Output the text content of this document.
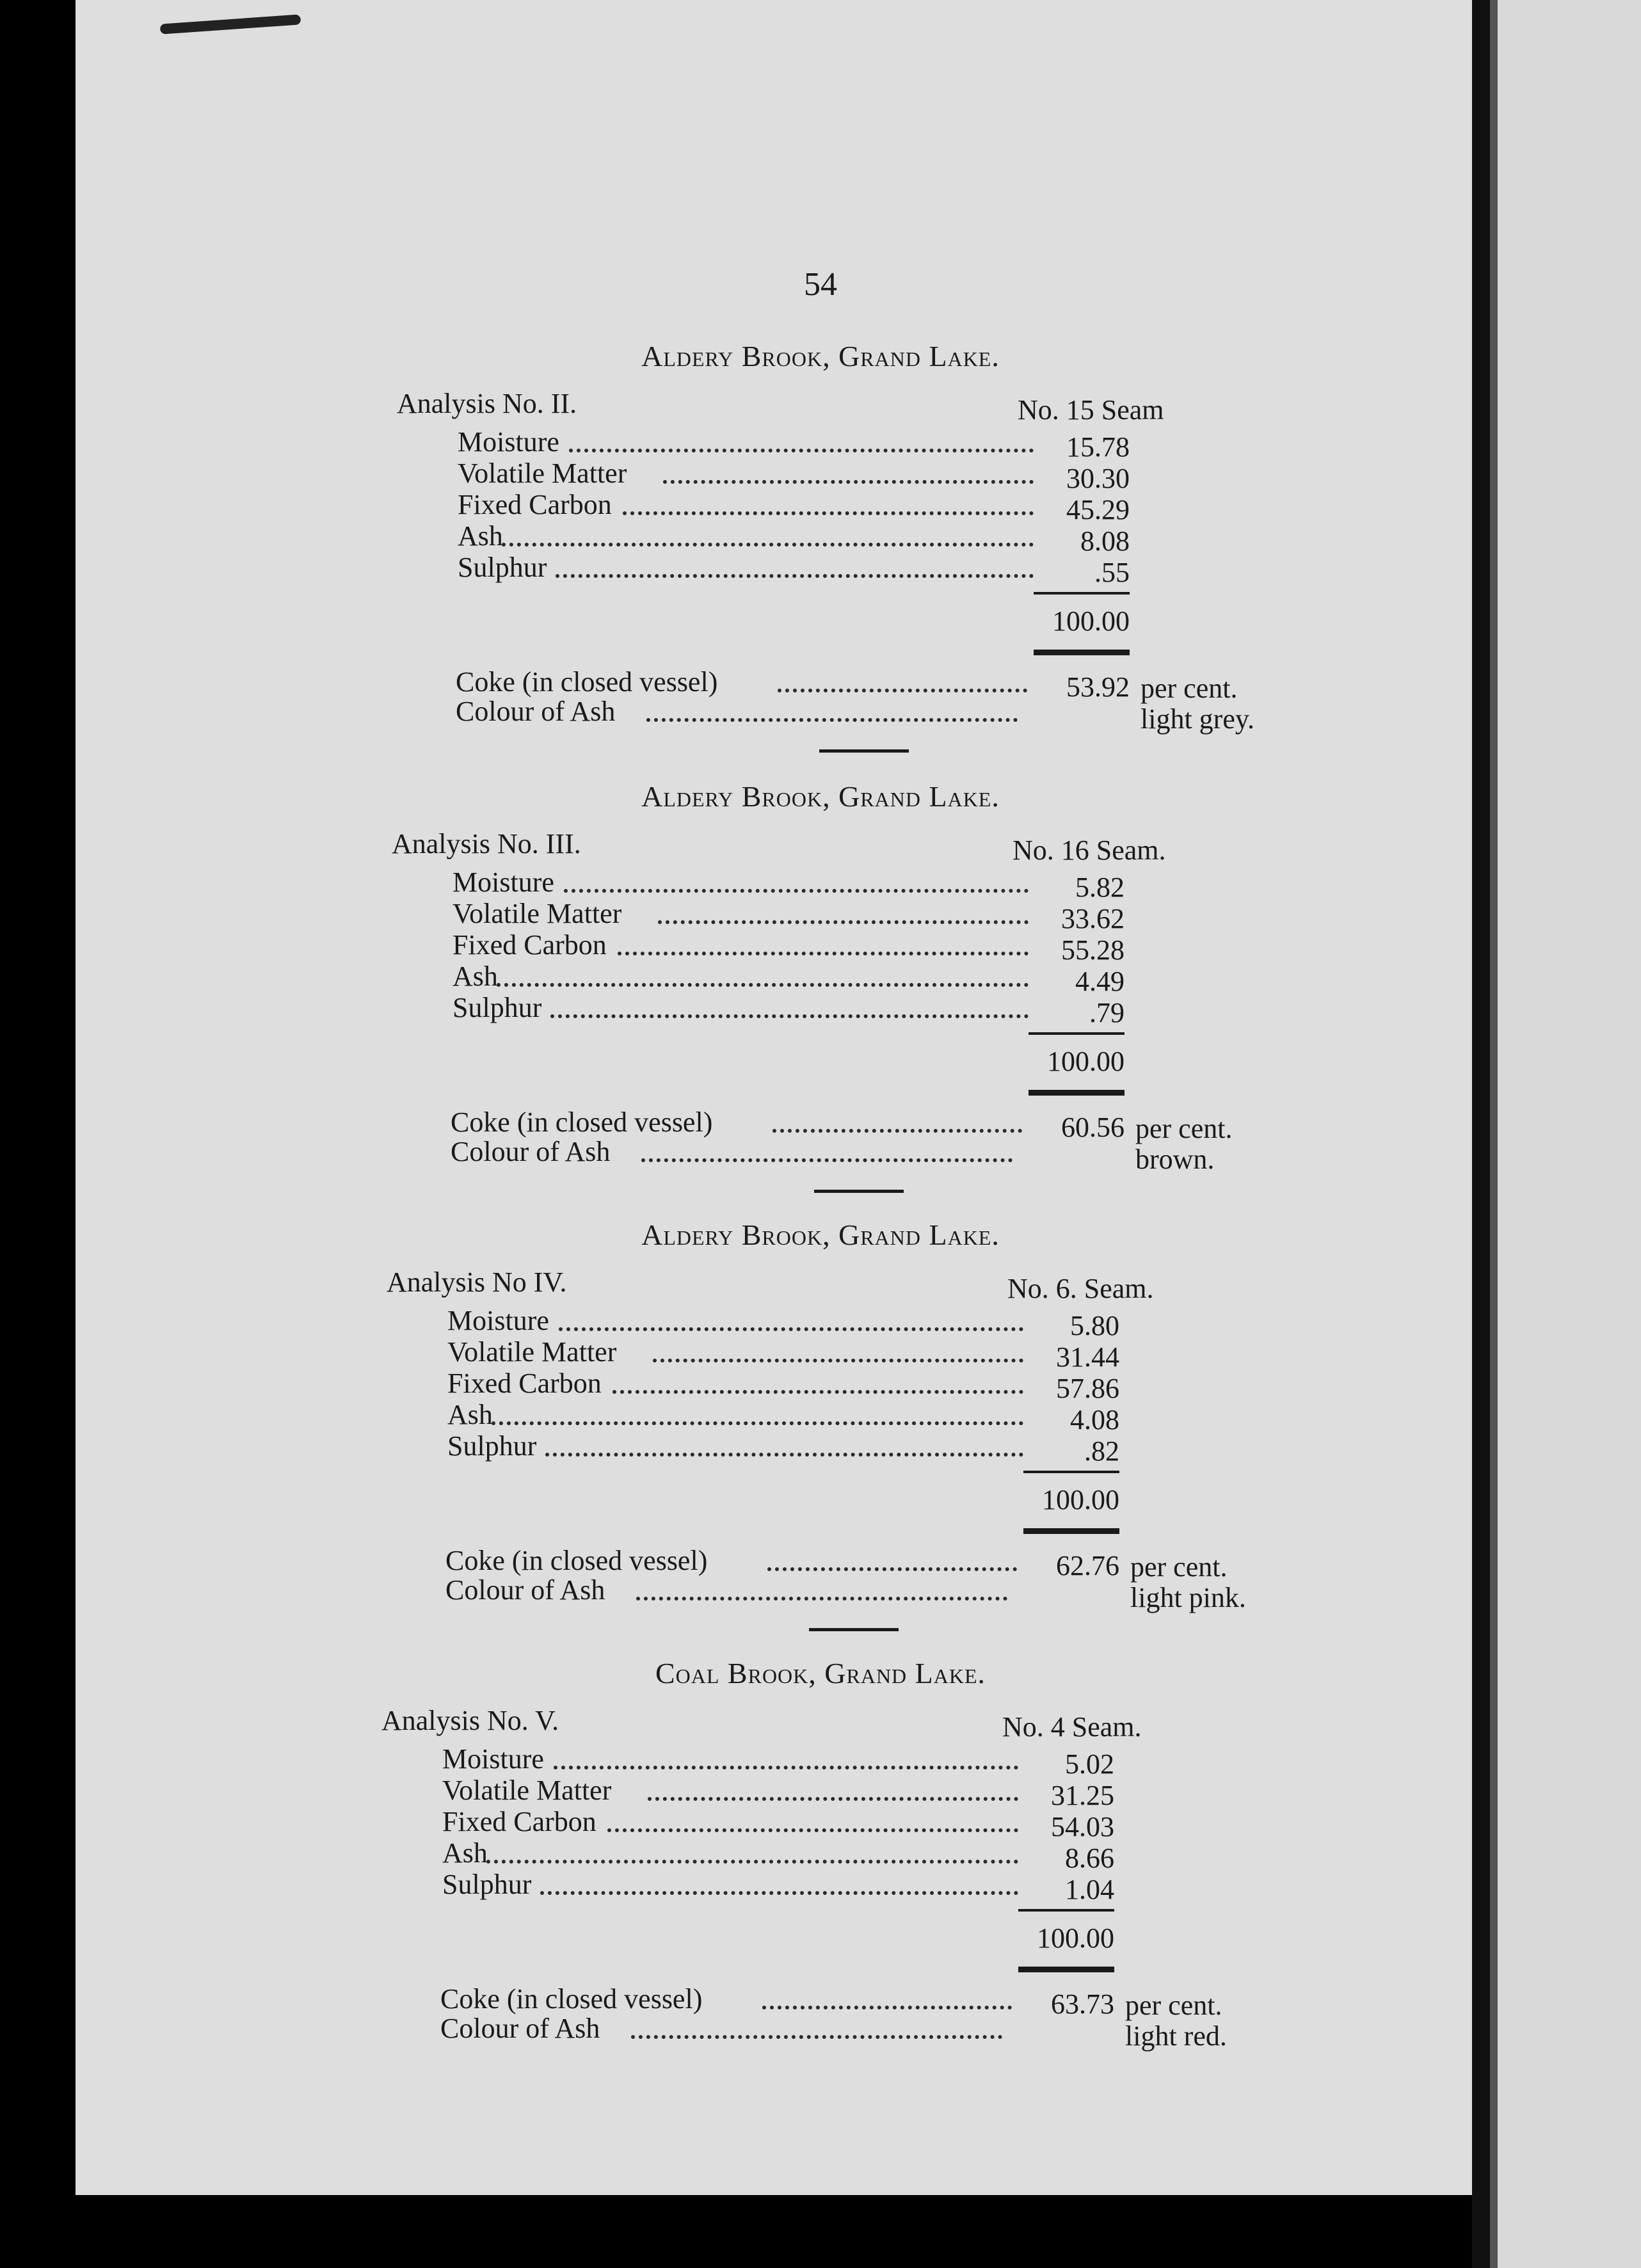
54
Aldery Brook, Grand Lake.
Analysis No. II.	No. 15 Seam
Moisture	15.78
Volatile Matter	30.30
Fixed Carbon	45.29
Ash	8.08
Sulphur	.55
100.00
Coke (in closed vessel)	53.92 per cent.
Colour of Ash	light grey.
Aldery Brook, Grand Lake.
Analysis No. III.	No. 16 Seam.
Moisture	5.82
Volatile Matter	33.62
Fixed Carbon	55.28
Ash	4.49
Sulphur	.79
100.00
Coke (in closed vessel)	60.56 per cent.
Colour of Ash	brown.
Aldery Brook, Grand Lake.
Analysis No IV.	No. 6. Seam.
Moisture	5.80
Volatile Matter	31.44
Fixed Carbon	57.86
Ash	4.08
Sulphur	.82
100.00
Coke (in closed vessel)	62.76 per cent.
Colour of Ash	light pink.
Coal Brook, Grand Lake.
Analysis No. V.	No. 4 Seam.
Moisture	5.02
Volatile Matter	31.25
Fixed Carbon	54.03
Ash	8.66
Sulphur	1.04
100.00
Coke (in closed vessel)	63.73 per cent.
Colour of Ash	light red.
